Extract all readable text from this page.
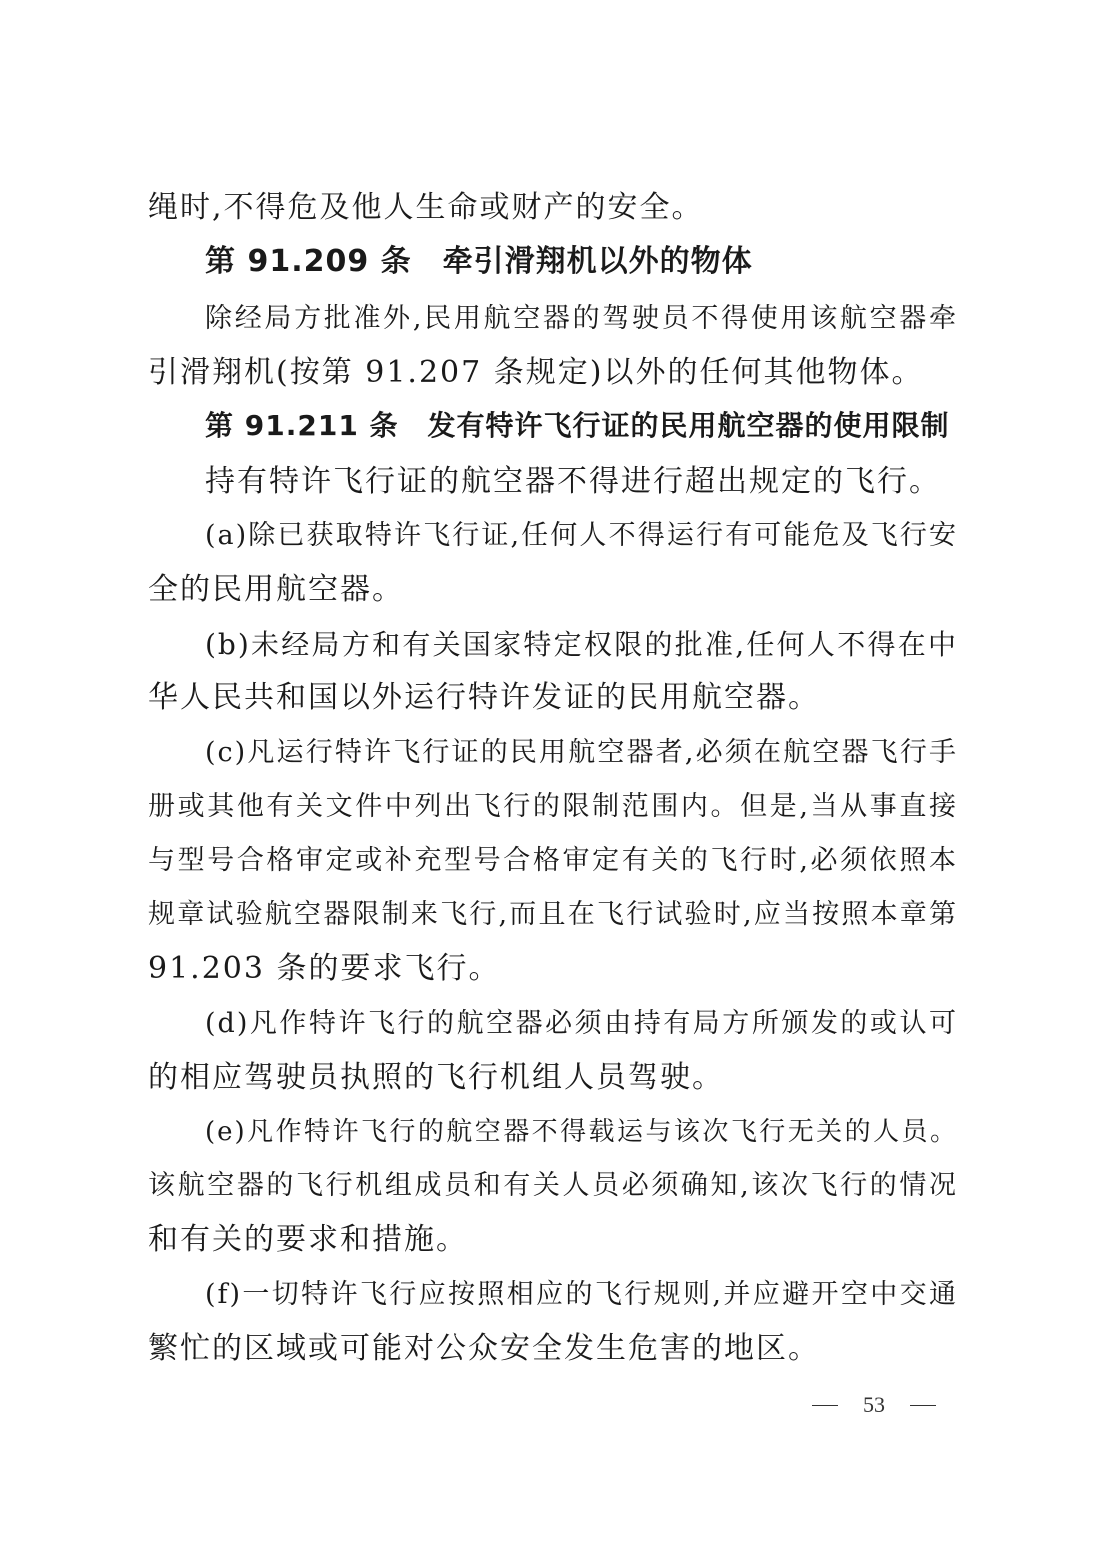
绳时,不得危及他人生命或财产的安全。
第 91.209 条　牵引滑翔机以外的物体
除经局方批准外,民用航空器的驾驶员不得使用该航空器牵
引滑翔机(按第 91.207 条规定)以外的任何其他物体。
第 91.211 条　发有特许飞行证的民用航空器的使用限制
持有特许飞行证的航空器不得进行超出规定的飞行。
(a)除已获取特许飞行证,任何人不得运行有可能危及飞行安
全的民用航空器。
(b)未经局方和有关国家特定权限的批准,任何人不得在中
华人民共和国以外运行特许发证的民用航空器。
(c)凡运行特许飞行证的民用航空器者,必须在航空器飞行手
册或其他有关文件中列出飞行的限制范围内。但是,当从事直接
与型号合格审定或补充型号合格审定有关的飞行时,必须依照本
规章试验航空器限制来飞行,而且在飞行试验时,应当按照本章第
91.203 条的要求飞行。
(d)凡作特许飞行的航空器必须由持有局方所颁发的或认可
的相应驾驶员执照的飞行机组人员驾驶。
(e)凡作特许飞行的航空器不得载运与该次飞行无关的人员。
该航空器的飞行机组成员和有关人员必须确知,该次飞行的情况
和有关的要求和措施。
(f)一切特许飞行应按照相应的飞行规则,并应避开空中交通
繁忙的区域或可能对公众安全发生危害的地区。
53
